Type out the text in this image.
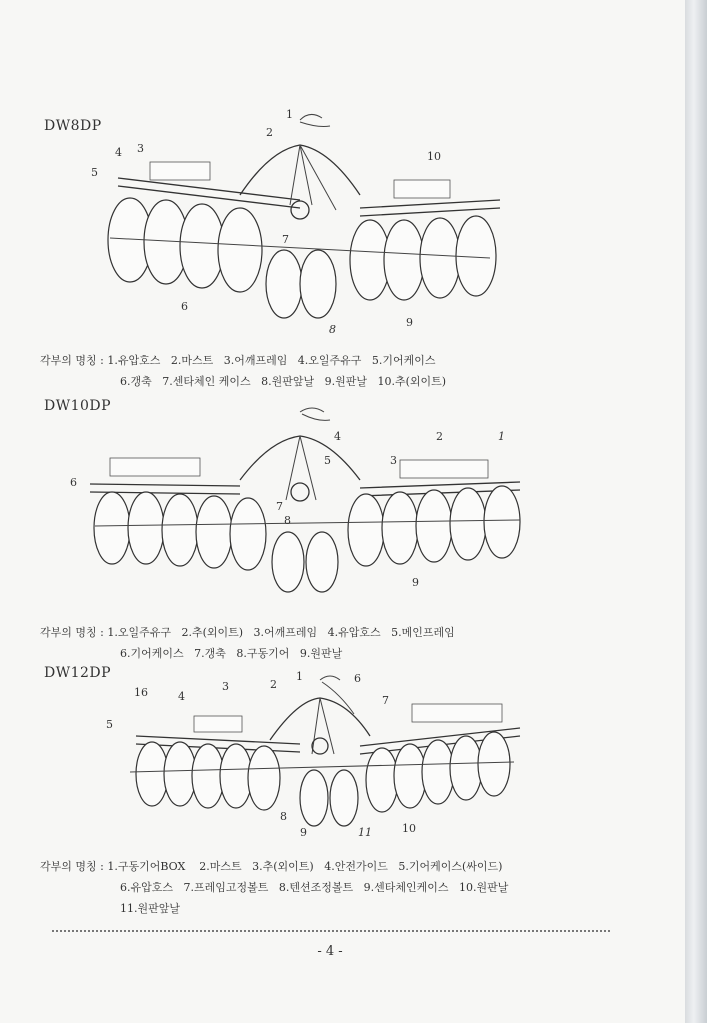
DW8DP
1
2
3
4
5
6
7
8
9
10
각부의 명칭 : 1.유압호스   2.마스트   3.어깨프레임   4.오일주유구   5.기어케이스
6.갱축   7.센타체인 케이스   8.원판앞날   9.원판날   10.추(외이트)
DW10DP
1
2
3
4
5
6
7
8
9
각부의 명칭 : 1.오일주유구   2.추(외이트)   3.어깨프레임   4.유압호스   5.메인프레임
6.기어케이스   7.갱축   8.구동기어   9.원판날
DW12DP	1
2
3
4
5
6
7
8
9	10
11
16
각부의 명칭 : 1.구동기어BOX    2.마스트   3.추(외이트)   4.안전가이드   5.기어케이스(싸이드)
6.유압호스   7.프레임고정볼트   8.텐션조정볼트   9.센타체인케이스   10.원판날
11.원판앞날
- 4 -
